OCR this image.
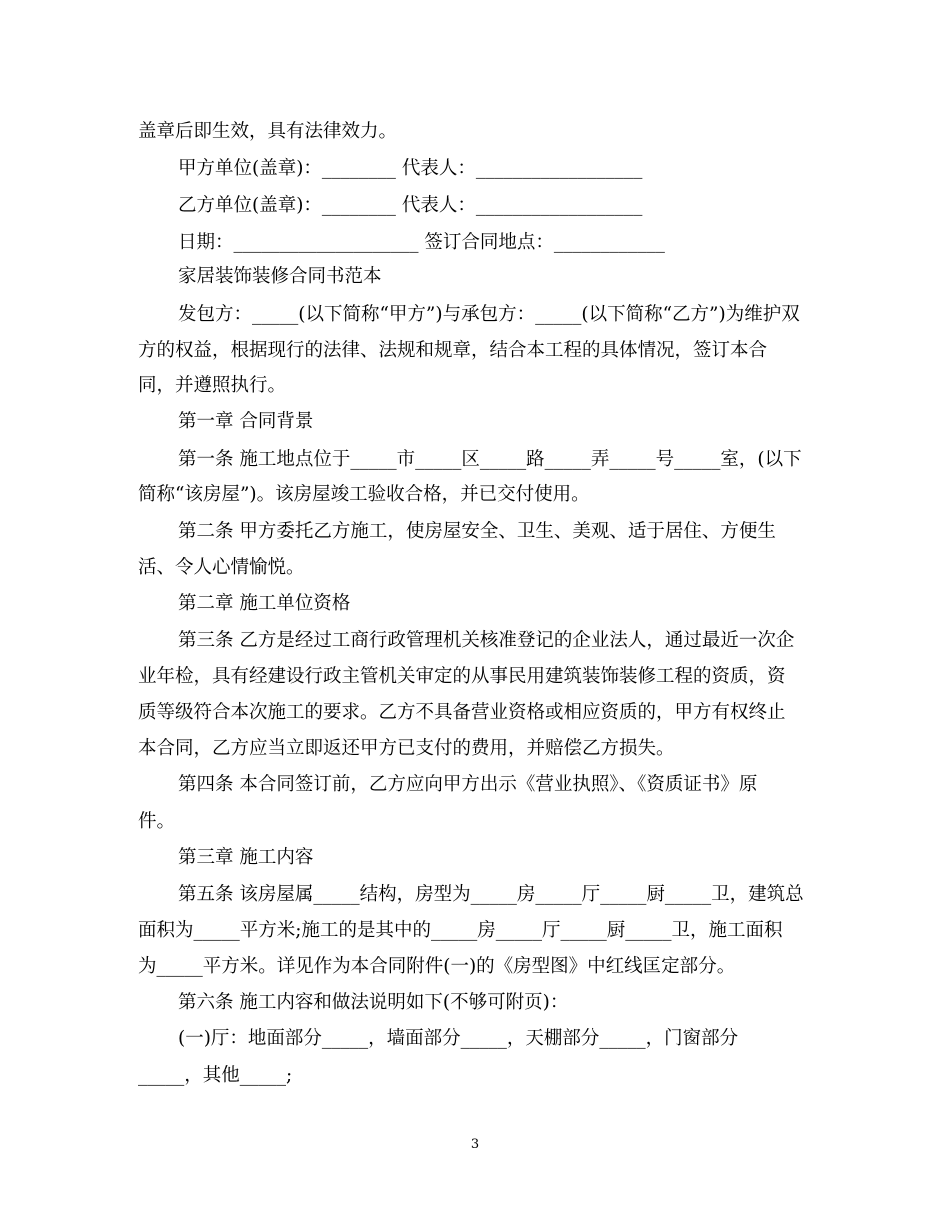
盖章后即生效，具有法律效力。
甲方单位(盖章)：________ 代表人：__________________
乙方单位(盖章)：________ 代表人：__________________
日期：____________________ 签订合同地点：____________
家居装饰装修合同书范本
发包方：_____(以下简称“甲方”)与承包方：_____(以下简称“乙方”)为维护双
方的权益，根据现行的法律、法规和规章，结合本工程的具体情况，签订本合
同，并遵照执行。
第一章 合同背景
第一条 施工地点位于_____市_____区_____路_____弄_____号_____室，(以下
简称“该房屋”)。该房屋竣工验收合格，并已交付使用。
第二条 甲方委托乙方施工，使房屋安全、卫生、美观、适于居住、方便生
活、令人心情愉悦。
第二章 施工单位资格
第三条 乙方是经过工商行政管理机关核准登记的企业法人，通过最近一次企
业年检，具有经建设行政主管机关审定的从事民用建筑装饰装修工程的资质，资
质等级符合本次施工的要求。乙方不具备营业资格或相应资质的，甲方有权终止
本合同，乙方应当立即返还甲方已支付的费用，并赔偿乙方损失。
第四条 本合同签订前，乙方应向甲方出示《营业执照》、《资质证书》原
件。
第三章 施工内容
第五条 该房屋属_____结构，房型为_____房_____厅_____厨_____卫，建筑总
面积为_____平方米;施工的是其中的_____房_____厅_____厨_____卫，施工面积
为_____平方米。详见作为本合同附件(一)的《房型图》中红线匡定部分。
第六条 施工内容和做法说明如下(不够可附页)：
(一)厅：地面部分_____，墙面部分_____，天棚部分_____，门窗部分
_____，其他_____;
3
